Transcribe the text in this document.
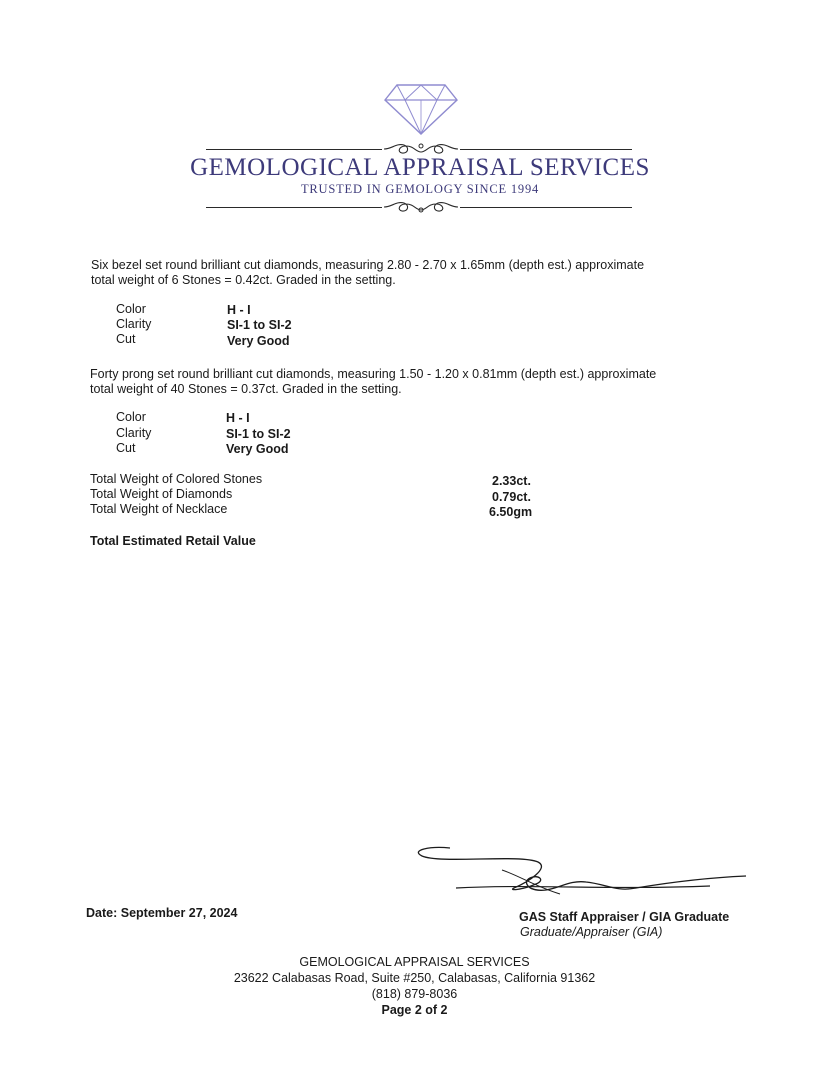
GEMOLOGICAL APPRAISAL SERVICES
TRUSTED IN GEMOLOGY SINCE 1994
Six bezel set round brilliant cut diamonds, measuring 2.80 - 2.70 x 1.65mm (depth est.) approximate
total weight of 6 Stones = 0.42ct. Graded in the setting.
Color	H - I
Clarity	SI-1 to SI-2
Cut	Very Good
Forty prong set round brilliant cut diamonds, measuring 1.50 - 1.20 x 0.81mm (depth est.) approximate
total weight of 40 Stones = 0.37ct. Graded in the setting.
Color	H - I
Clarity	SI-1 to SI-2
Cut	Very Good
Total Weight of Colored Stones	2.33ct.
Total Weight of Diamonds	0.79ct.
Total Weight of Necklace	6.50gm
Total Estimated Retail Value
Date: September 27, 2024	GAS Staff Appraiser / GIA Graduate
Graduate/Appraiser (GIA)
GEMOLOGICAL APPRAISAL SERVICES
23622 Calabasas Road, Suite #250, Calabasas, California 91362
(818) 879-8036
Page 2 of 2
